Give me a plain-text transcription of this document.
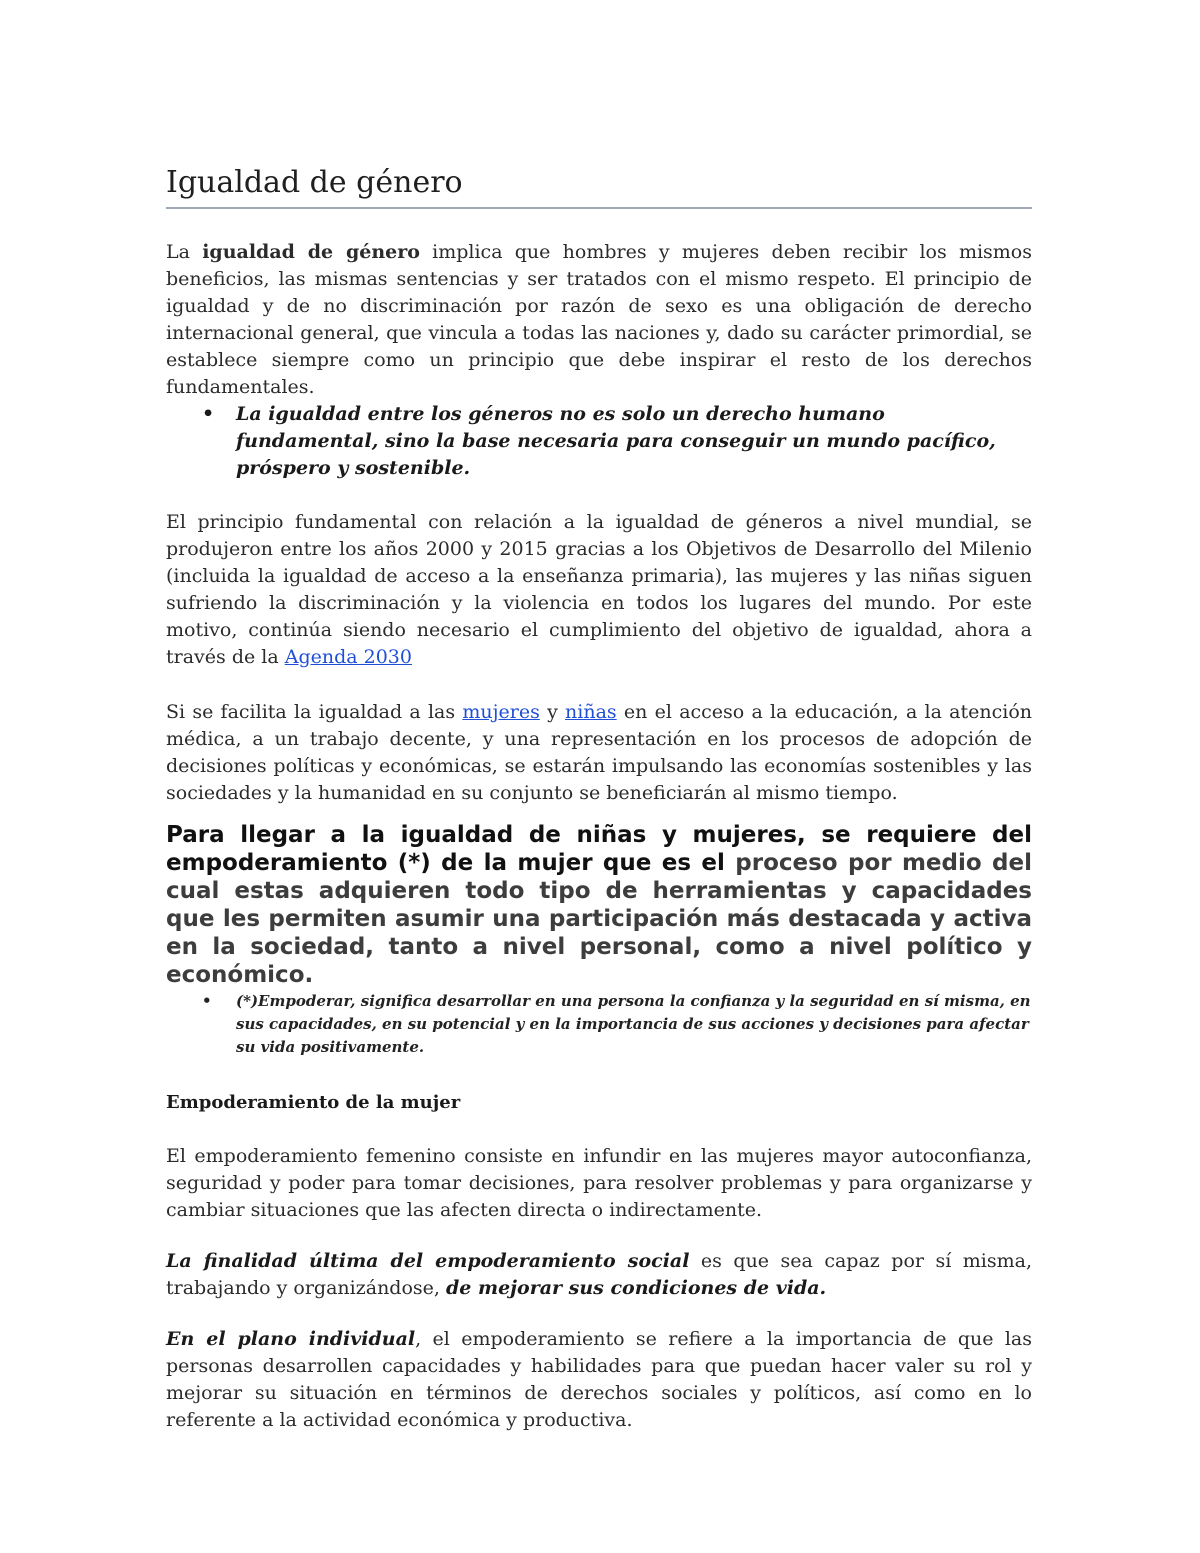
Igualdad de género

La igualdad de género implica que hombres y mujeres deben recibir los mismos beneficios, las mismas sentencias y ser tratados con el mismo respeto. El principio de igualdad y de no discriminación por razón de sexo es una obligación de derecho internacional general, que vincula a todas las naciones y, dado su carácter primordial, se establece siempre como un principio que debe inspirar el resto de los derechos fundamentales.

• La igualdad entre los géneros no es solo un derecho humano fundamental, sino la base necesaria para conseguir un mundo pacífico, próspero y sostenible.

El principio fundamental con relación a la igualdad de géneros a nivel mundial, se produjeron entre los años 2000 y 2015 gracias a los Objetivos de Desarrollo del Milenio (incluida la igualdad de acceso a la enseñanza primaria), las mujeres y las niñas siguen sufriendo la discriminación y la violencia en todos los lugares del mundo. Por este motivo, continúa siendo necesario el cumplimiento del objetivo de igualdad, ahora a través de la Agenda 2030

Si se facilita la igualdad a las mujeres y niñas en el acceso a la educación, a la atención médica, a un trabajo decente, y una representación en los procesos de adopción de decisiones políticas y económicas, se estarán impulsando las economías sostenibles y las sociedades y la humanidad en su conjunto se beneficiarán al mismo tiempo.

Para llegar a la igualdad de niñas y mujeres, se requiere del empoderamiento (*) de la mujer que es el proceso por medio del cual estas adquieren todo tipo de herramientas y capacidades que les permiten asumir una participación más destacada y activa en la sociedad, tanto a nivel personal, como a nivel político y económico.

• (*)Empoderar, significa desarrollar en una persona la confianza y la seguridad en sí misma, en sus capacidades, en su potencial y en la importancia de sus acciones y decisiones para afectar su vida positivamente.
Empoderamiento de la mujer

El empoderamiento femenino consiste en infundir en las mujeres mayor autoconfianza, seguridad y poder para tomar decisiones, para resolver problemas y para organizarse y cambiar situaciones que las afecten directa o indirectamente.

La finalidad última del empoderamiento social es que sea capaz por sí misma, trabajando y organizándose, de mejorar sus condiciones de vida.

En el plano individual, el empoderamiento se refiere a la importancia de que las personas desarrollen capacidades y habilidades para que puedan hacer valer su rol y mejorar su situación en términos de derechos sociales y políticos, así como en lo referente a la actividad económica y productiva.
